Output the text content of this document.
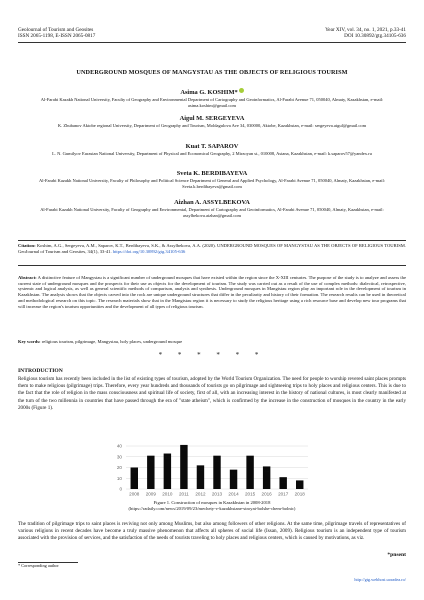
Geolournal of Tourism and Geosites
ISSN 2065-1198, E-ISSN 2065-0817
Year XIV, vol. 34, no. 1, 2021, p.33-41
DOI 10.30892/gtg.34105-636
UNDERGROUND MOSQUES OF MANGYSTAU AS THE OBJECTS OF RELIGIOUS TOURISM
Asima G. KOSHIM*
Al-Farabi Kazakh National University, Faculty of Geography and Environmental Department of Cartography and Geoinformatics, Al-Farabi Avenue 71, 050040, Almaty, Kazakhstan, e-mail: asima.koshim@gmail.com
Aigul M. SERGEYEVA
K. Zhubanov Aktobe regional University, Department of Geography and Tourism, Moldagulova Ave 34, 030000, Aktobe, Kazakhstan, e-mail: sergeyeva.aigul@gmail.com
Kuat T. SAPAROV
L. N. Gumilyov Eurasian National University, Department of Physical and Economical Geography, 2 Mirzoyan st., 010008, Astana, Kazakhstan, e-mail: k.saparov57@yandex.ru
Sveta K. BERDIBAYEVA
Al-Farabi Kazakh National University, Faculty of Philosophy and Political Science Department of General and Applied Psychology, Al-Farabi Avenue 71, 050040, Almaty, Kazakhstan, e-mail: Sveta.k.berdibayeva@gmail.com
Aizhan A. ASSYLBEKOVA
Al-Farabi Kazakh National University, Faculty of Geography and Environmental, Department of Cartography and Geoinformatics, Al-Farabi Avenue 71, 050040, Almaty, Kazakhstan, e-mail: assylbekova.aizhan@gmail.com
Citation: Koshim, A.G., Sergeyeva, A.M., Saparov, K.T., Berdibayeva, S.K., & Assylbekova, A.A. (2020). UNDERGROUND MOSQUES OF MANGYSTAU AS THE OBJECTS OF RELIGIOUS TOURISM. GeoJournal of Tourism and Geosites, 34(1), 33-41. https://doi.org/10.30892/gtg.34105-636
Abstract: A distinctive feature of Mangystau is a significant number of underground mosques that have existed within the region since the X-XIII centuries. The purpose of the study is to analyze and assess the current state of underground mosques and the prospects for their use as objects for the development of tourism. The study was carried out as a result of the use of complex methods: dialectical, retrospective, systemic and logical analysis, as well as general scientific methods of comparison, analysis and synthesis. Underground mosques in Mangistau region play an important role in the development of tourism in Kazakhstan. The analysis shows that the objects carved into the rock are unique underground structures that differ in the peculiarity and history of their formation. The research results can be used in theoretical and methodological research on this topic. The research materials show that in the Mangistau region it is necessary to study the religious heritage using a rich resource base and develop new tour programs that will increase the region's tourism opportunities and the development of all types of religious tourism.
Key words: religious tourism, pilgrimage, Mangystau, holy places, underground mosque
* * * * * *
INTRODUCTION
Religious tourism has recently been included in the list of existing types of tourism, adopted by the World Tourism Organization. The need for people to worship revered saint places prompts them to make religious (pilgrimage) trips. Therefore, every year hundreds and thousands of tourists go on pilgrimage and sightseeing trips to holy places and religious centers. This is due to the fact that the role of religion in the mass consciousness and spiritual life of society, first of all, with an increasing interest in the history of national cultures, is most clearly manifested at the turn of the two millennia in countries that have passed through the era of "state atheism", which is confirmed by the increase in the construction of mosques in the country in the early 2000s (Figure 1).
0
10
20
30
40
20
31 33
41
22
31
18
31
21
11
8
2008 2009 2010 2011 2012 2013 2014 2015 2016 2017 2018
Figure 1. Construction of mosques in Kazakhstan in 2008-2018
(https://radaily.com/news/2019/09/23/mechety-v-kazakhstane-stroyat-bolshe-chem-bolnic)
The tradition of pilgrimage trips to saint places is reviving not only among Muslims, but also among followers of other religions. At the same time, pilgrimage travels of representatives of various religions in recent decades have become a truly massive phenomenon that affects all spheres of social life (Issan, 2009). Religious tourism is an independent type of tourism associated with the provision of services, and the satisfaction of the needs of tourists traveling to holy places and religious centers, which is caused by motivations, as viz.
*pnsent
* Corresponding author
http://gtg.webhost.uoradea.ro/
